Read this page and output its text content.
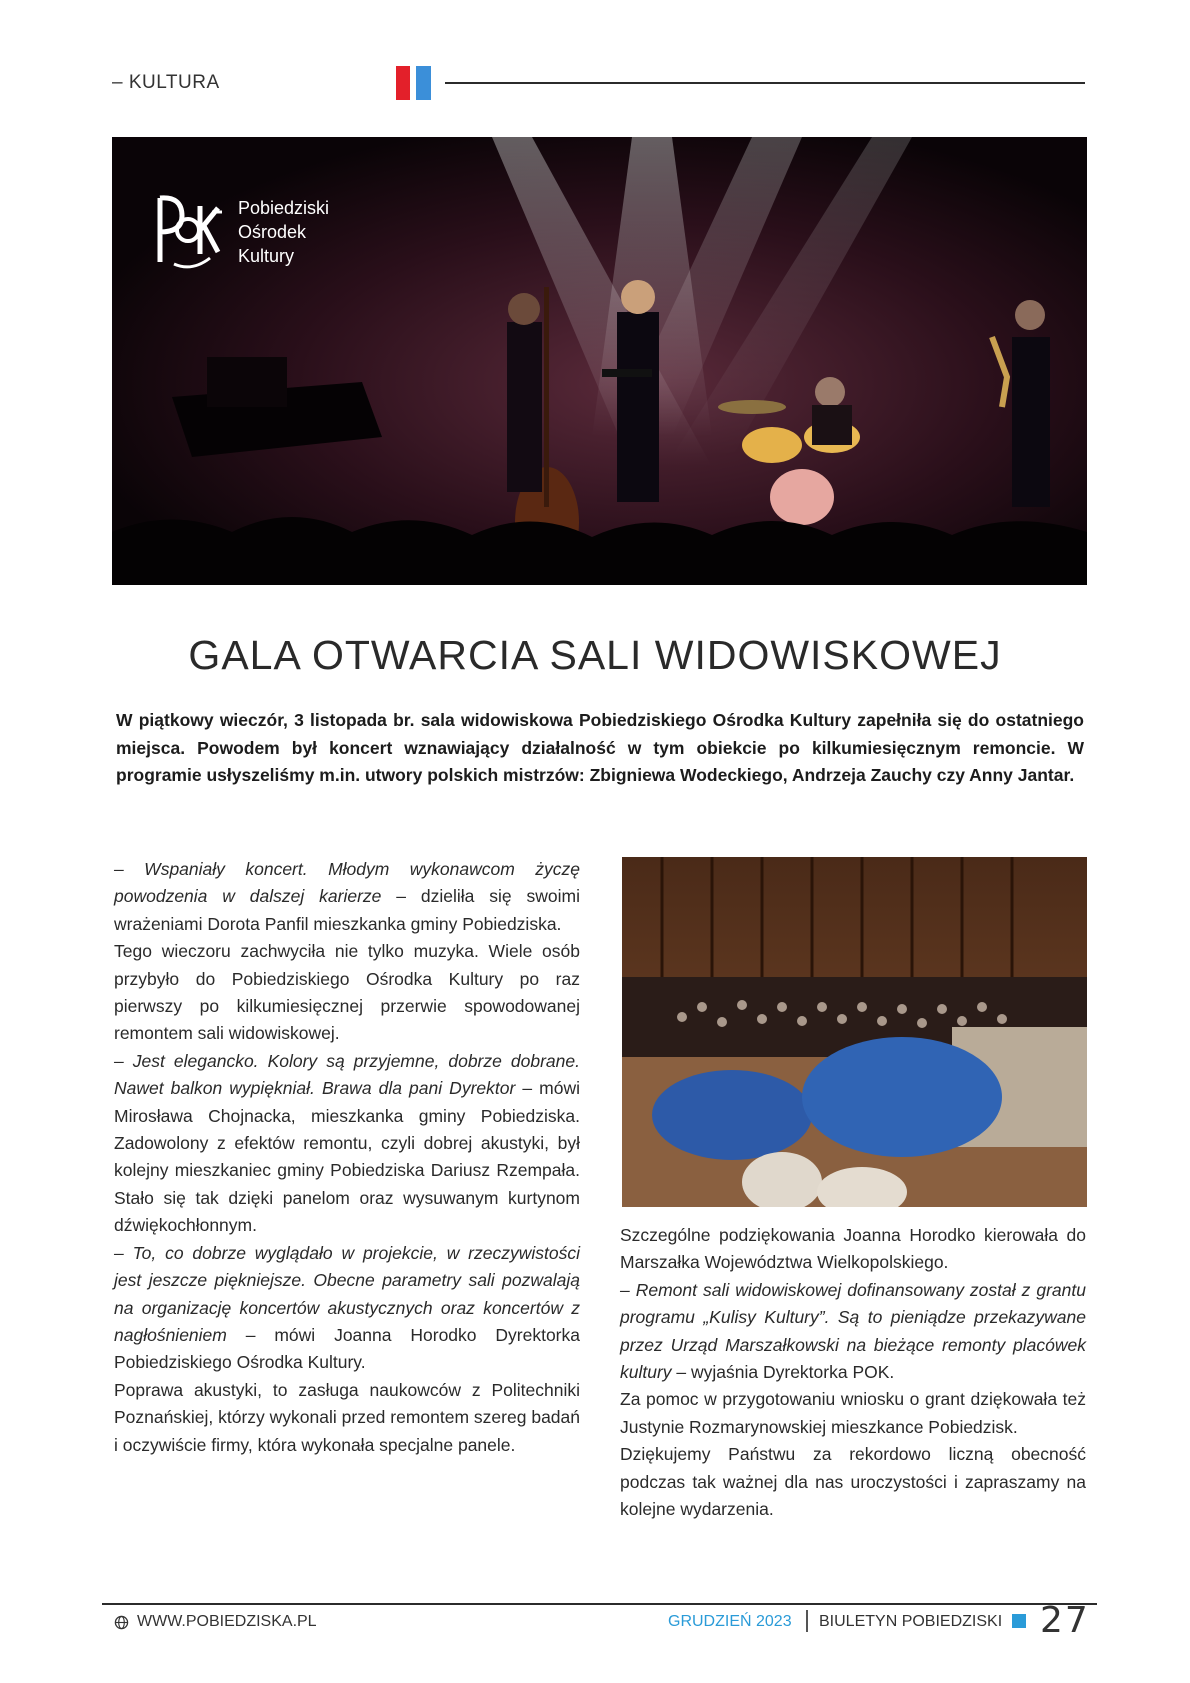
– KULTURA
Pobiedziski
Ośrodek
Kultury
GALA OTWARCIA SALI WIDOWISKOWEJ
W piątkowy wieczór, 3 listopada br. sala widowiskowa Pobiedziskiego Ośrodka Kultury zapełniła się do ostatniego miejsca. Powodem był koncert wznawiający działalność w tym obiekcie po kilkumiesięcznym remoncie. W programie usłyszeliśmy m.in. utwory polskich mistrzów: Zbigniewa Wodeckiego, Andrzeja Zauchy czy Anny Jantar.

– Wspaniały koncert. Młodym wykonawcom życzę powodzenia w dalszej karierze – dzieliła się swoimi wrażeniami Dorota Panfil mieszkanka gminy Pobiedziska.

Tego wieczoru zachwyciła nie tylko muzyka. Wiele osób przybyło do Pobiedziskiego Ośrodka Kultury po raz pierwszy po kilkumiesięcznej przerwie spowodowanej remontem sali widowiskowej.

– Jest elegancko. Kolory są przyjemne, dobrze dobrane. Nawet balkon wypiękniał. Brawa dla pani Dyrektor – mówi Mirosława Chojnacka, mieszkanka gminy Pobiedziska. Zadowolony z efektów remontu, czyli dobrej akustyki, był kolejny mieszkaniec gminy Pobiedziska Dariusz Rzempała. Stało się tak dzięki panelom oraz wysuwanym kurtynom dźwiękochłonnym.

– To, co dobrze wyglądało w projekcie, w rzeczywistości jest jeszcze piękniejsze. Obecne parametry sali pozwalają na organizację koncertów akustycznych oraz koncertów z nagłośnieniem – mówi Joanna Horodko Dyrektorka Pobiedziskiego Ośrodka Kultury.

Poprawa akustyki, to zasługa naukowców z Politechniki Poznańskiej, którzy wykonali przed remontem szereg badań i oczywiście firmy, która wykonała specjalne panele.

Szczególne podziękowania Joanna Horodko kierowała do Marszałka Województwa Wielkopolskiego.

– Remont sali widowiskowej dofinansowany został z grantu programu „Kulisy Kultury”. Są to pieniądze przekazywane przez Urząd Marszałkowski na bieżące remonty placówek kultury – wyjaśnia Dyrektorka POK.

Za pomoc w przygotowaniu wniosku o grant dziękowała też Justynie Rozmarynowskiej mieszkance Pobiedzisk.

Dziękujemy Państwu za rekordowo liczną obecność podczas tak ważnej dla nas uroczystości i zapraszamy na kolejne wydarzenia.

WWW.POBIEDZISKA.PL	GRUDZIEŃ 2023 BIULETYN POBIEDZISKI 27
